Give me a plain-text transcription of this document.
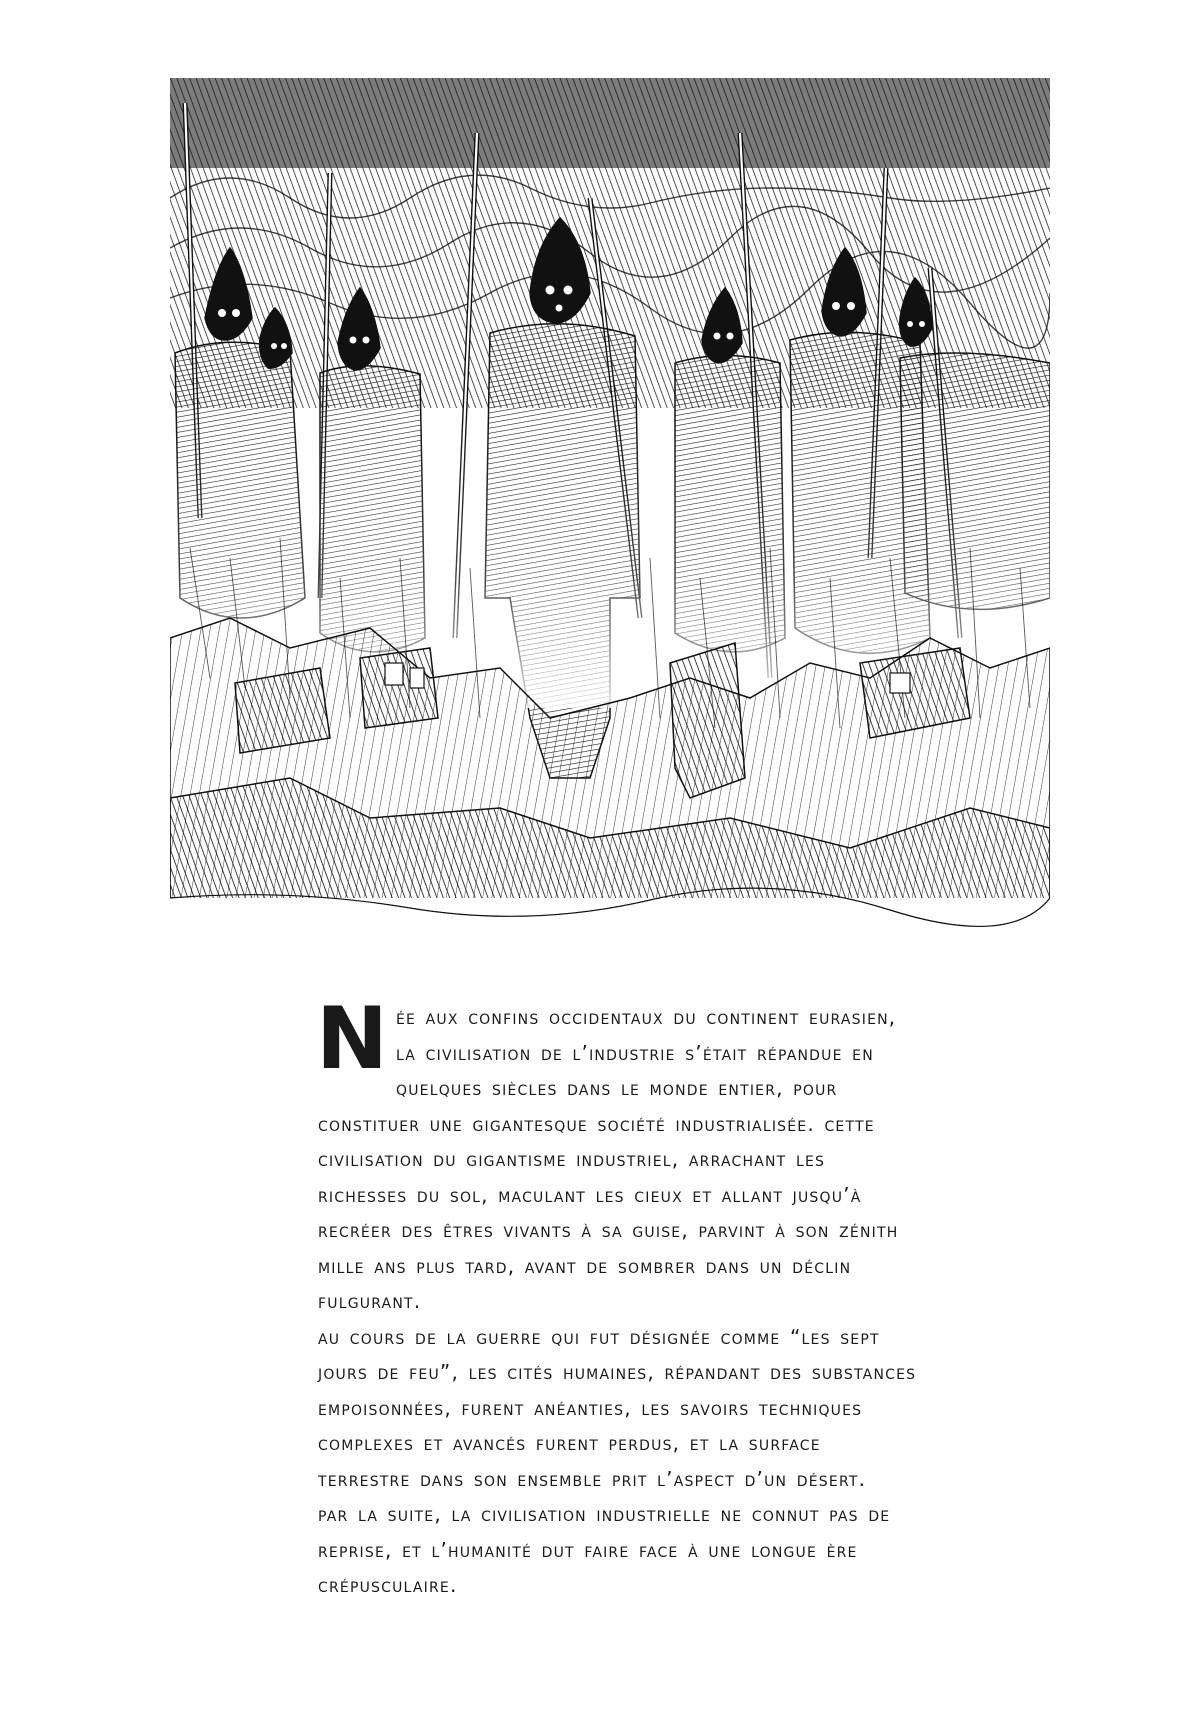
Née aux confins occidentaux du continent eurasien, la civilisation de l’industrie s’était répandue en quelques siècles dans le monde entier, pour constituer une gigantesque société industrialisée. cette civilisation du gigantisme industriel, arrachant les richesses du sol, maculant les cieux et allant jusqu’à recréer des êtres vivants à sa guise, parvint à son zénith mille ans plus tard, avant de sombrer dans un déclin fulgurant.

au cours de la guerre qui fut désignée comme “les sept jours de feu”, les cités humaines, répandant des substances empoisonnées, furent anéanties, les savoirs techniques complexes et avancés furent perdus, et la surface terrestre dans son ensemble prit l’aspect d’un désert.

par la suite, la civilisation industrielle ne connut pas de reprise, et l’humanité dut faire face à une longue ère crépusculaire.
